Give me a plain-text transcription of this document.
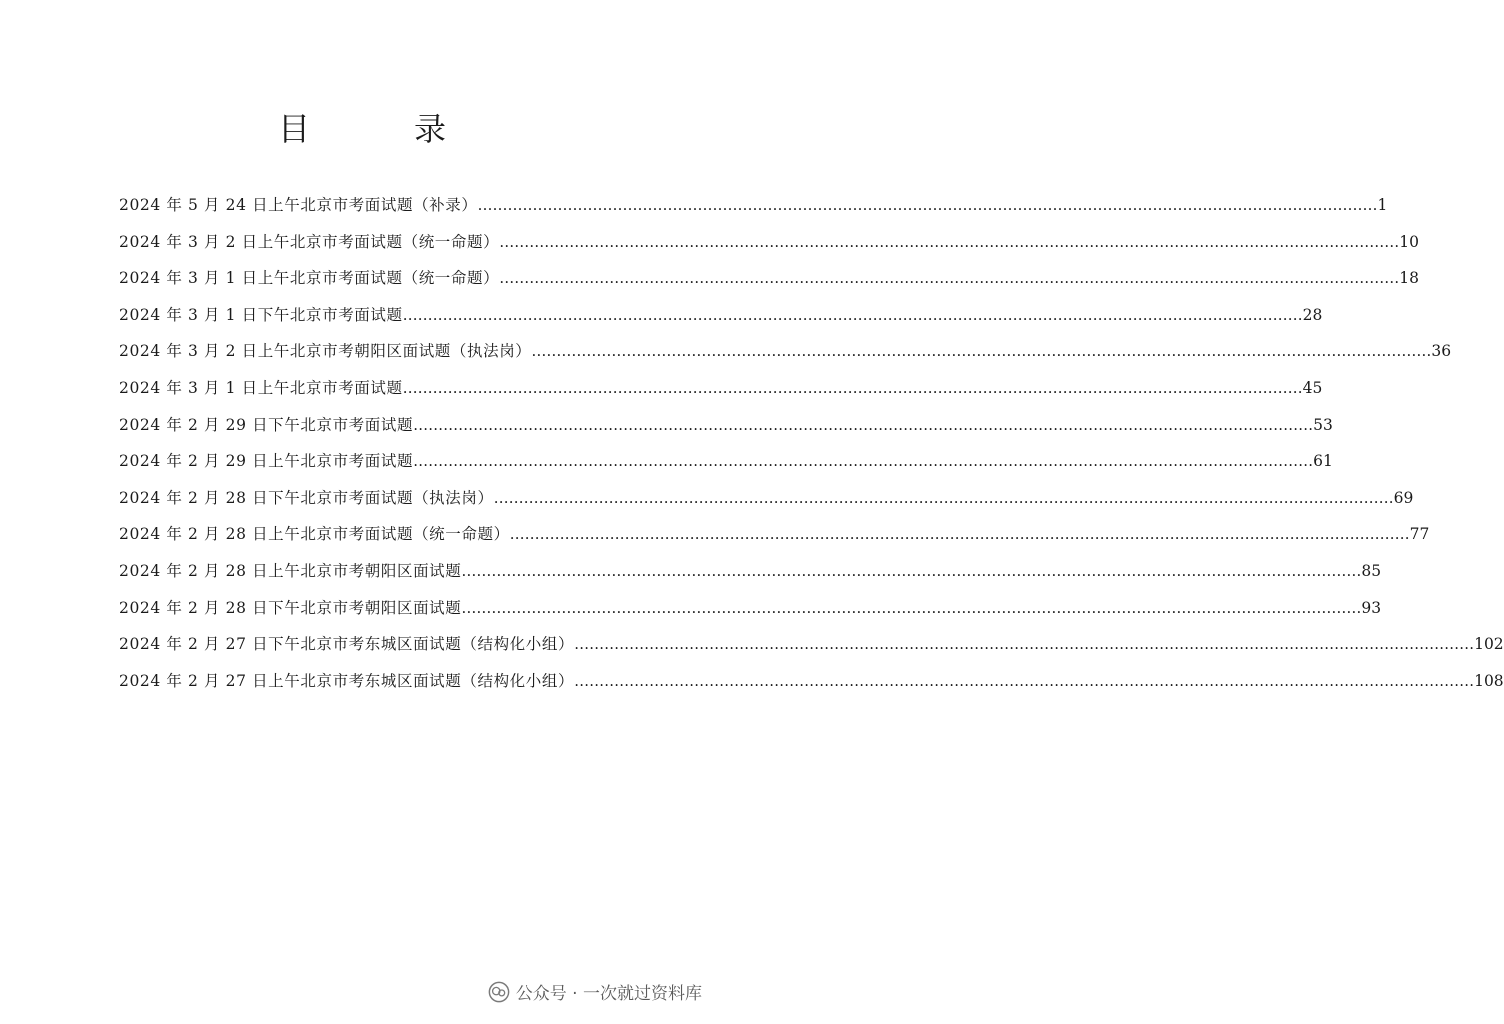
目　录
2024 年 5 月 24 日上午北京市考面试题（补录） ……………………………………………………………………………………………………………………………………………………………… 1
2024 年 3 月 2 日上午北京市考面试题（统一命题） ……………………………………………………………………………………………………………………………………………………………… 10
2024 年 3 月 1 日上午北京市考面试题（统一命题） ……………………………………………………………………………………………………………………………………………………………… 18
2024 年 3 月 1 日下午北京市考面试题 ……………………………………………………………………………………………………………………………………………………………… 28
2024 年 3 月 2 日上午北京市考朝阳区面试题（执法岗） ……………………………………………………………………………………………………………………………………………………………… 36
2024 年 3 月 1 日上午北京市考面试题 ……………………………………………………………………………………………………………………………………………………………… 45
2024 年 2 月 29 日下午北京市考面试题 ……………………………………………………………………………………………………………………………………………………………… 53
2024 年 2 月 29 日上午北京市考面试题 ……………………………………………………………………………………………………………………………………………………………… 61
2024 年 2 月 28 日下午北京市考面试题（执法岗） ……………………………………………………………………………………………………………………………………………………………… 69
2024 年 2 月 28 日上午北京市考面试题（统一命题） ……………………………………………………………………………………………………………………………………………………………… 77
2024 年 2 月 28 日上午北京市考朝阳区面试题 ……………………………………………………………………………………………………………………………………………………………… 85
2024 年 2 月 28 日下午北京市考朝阳区面试题 ……………………………………………………………………………………………………………………………………………………………… 93
2024 年 2 月 27 日下午北京市考东城区面试题（结构化小组） ……………………………………………………………………………………………………………………………………………………………… 102
2024 年 2 月 27 日上午北京市考东城区面试题（结构化小组） ……………………………………………………………………………………………………………………………………………………………… 108
公众号 · 一次就过资料库
